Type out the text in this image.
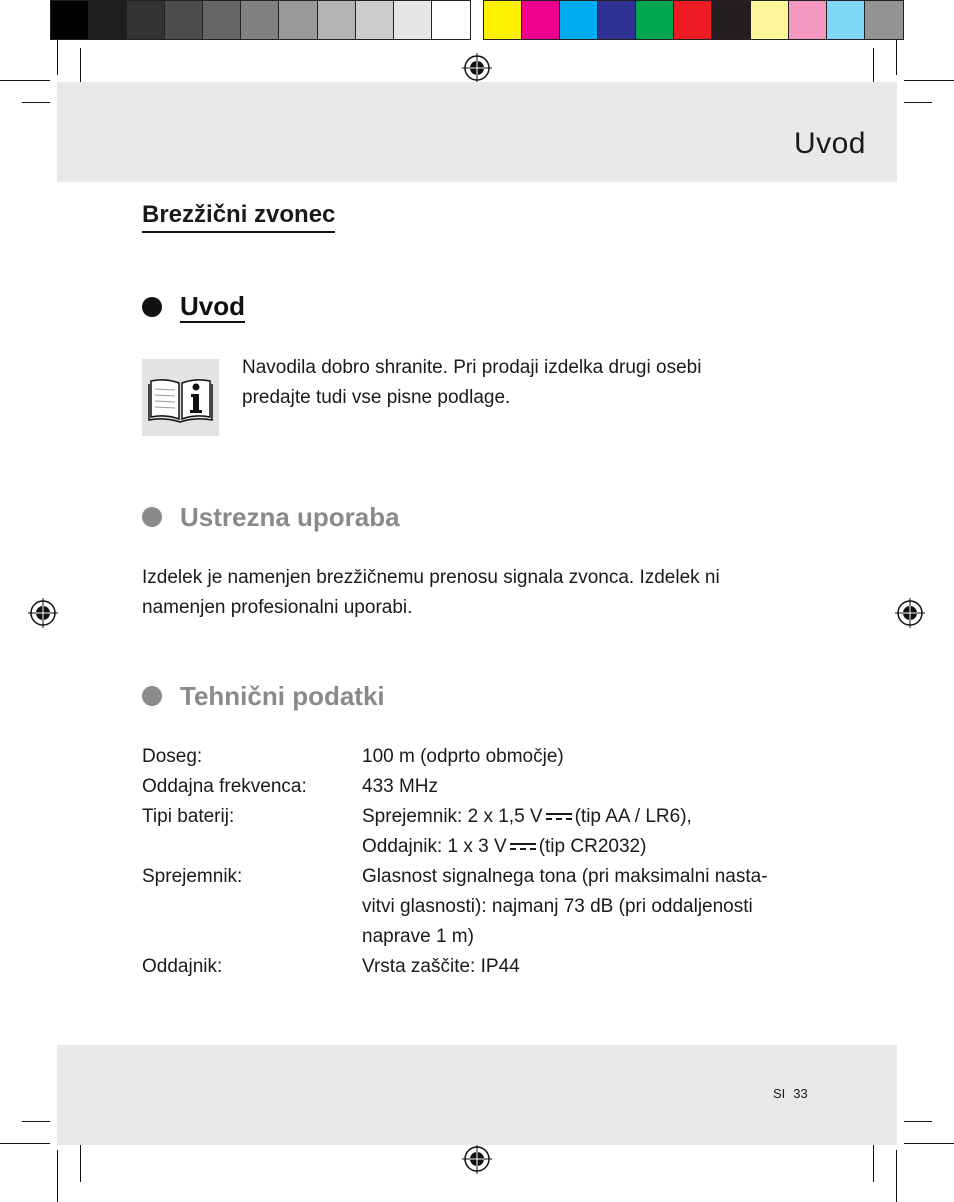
Uvod
Brezžični zvonec
Uvod
Navodila dobro shranite. Pri prodaji izdelka drugi osebi
predajte tudi vse pisne podlage.
Ustrezna uporaba
Izdelek je namenjen brezžičnemu prenosu signala zvonca. Izdelek ni
namenjen profesionalni uporabi.
Tehnični podatki
Doseg:	100 m (odprto območje)

Oddajna frekvenca:	433 MHz

Tipi baterij:	Sprejemnik: 2 x 1,5 V (tip AA / LR6),
Oddajnik: 1 x 3 V (tip CR2032)

Sprejemnik:	Glasnost signalnega tona (pri maksimalni nasta-
vitvi glasnosti): najmanj 73 dB (pri oddaljenosti
naprave 1 m)

Oddajnik:	Vrsta zaščite: IP44
SI 33
